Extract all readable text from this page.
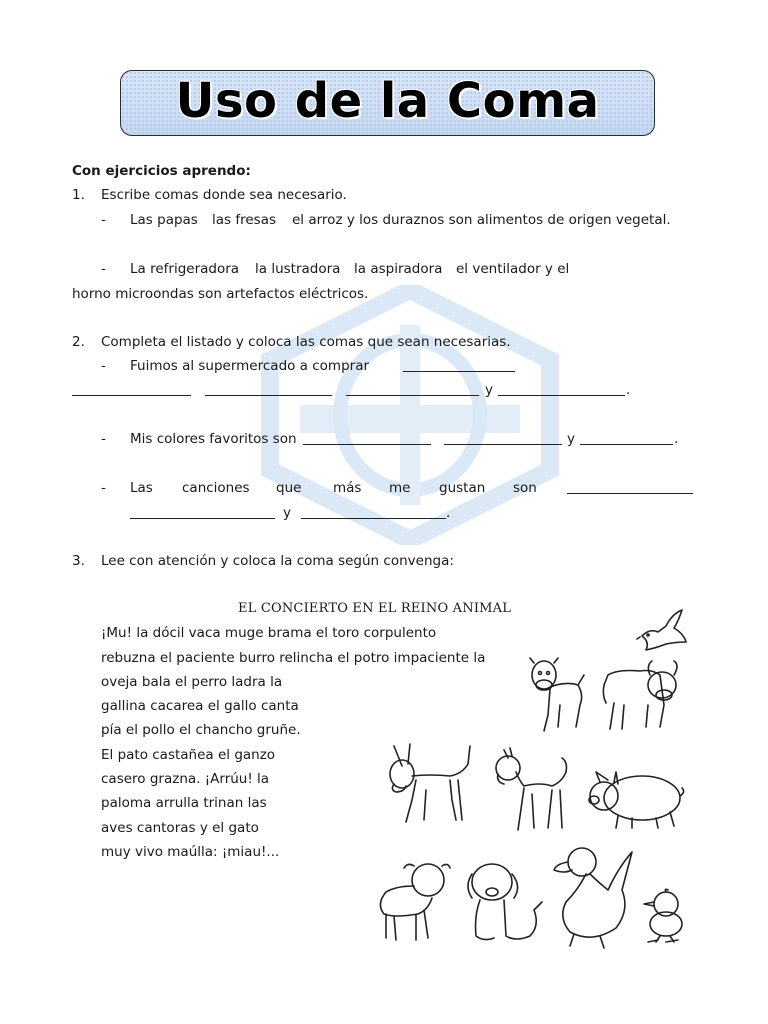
Uso de la Coma
Con ejercicios aprendo:
1. Escribe comas donde sea necesario.
- Las papas las fresas el arroz y los duraznos son alimentos de origen vegetal.
- La refrigeradora la lustradora la aspiradora el ventilador y el
horno microondas son artefactos eléctricos.
2. Completa el listado y coloca las comas que sean necesarias.
- Fuimos al supermercado a comprar
y	.
- Mis colores favoritos son	y	.
- Las canciones que más me gustan son
y	.
3. Lee con atención y coloca la coma según convenga:
EL CONCIERTO EN EL REINO ANIMAL
¡Mu! la dócil vaca muge brama el toro corpulento
rebuzna el paciente burro relincha el potro impaciente la
oveja bala el perro ladra la
gallina cacarea el gallo canta
pía el pollo el chancho gruñe.
El pato castañea el ganzo
casero grazna. ¡Arrúu! la
paloma arrulla trinan las
aves cantoras y el gato
muy vivo maúlla: ¡miau!...
